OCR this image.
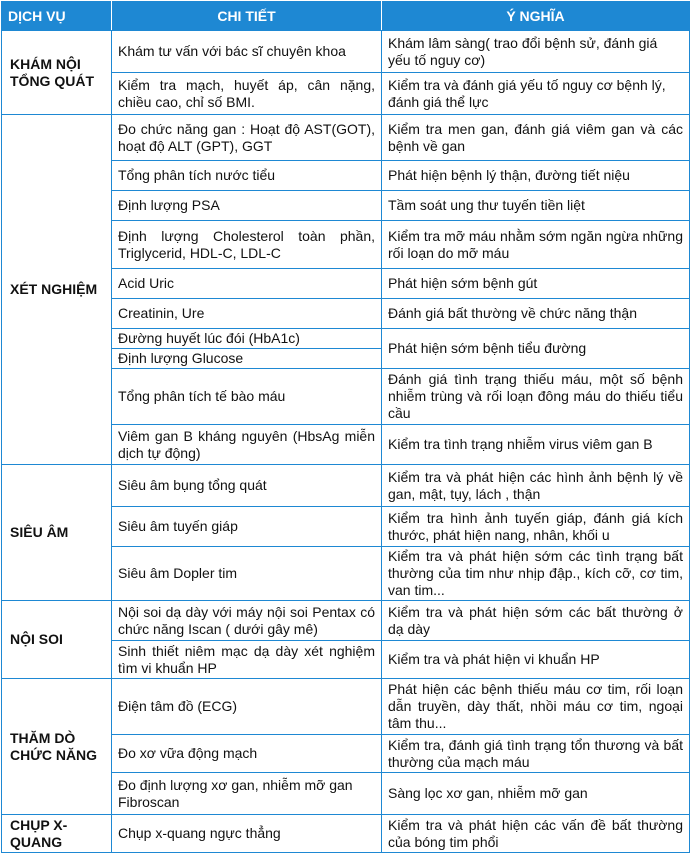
DỊCH VỤ	CHI TIẾT	Ý NGHĨA
KHÁM NỘI TỔNG QUÁT	Khám tư vấn với bác sĩ chuyên khoa	Khám lâm sàng( trao đổi bệnh sử, đánh giá yếu tố nguy cơ)
	Kiểm tra mạch, huyết áp, cân nặng, chiều cao, chỉ số BMI.	Kiểm tra và đánh giá yếu tố nguy cơ bệnh lý, đánh giá thể lực
XÉT NGHIỆM	Đo chức năng gan : Hoạt độ AST(GOT), hoạt độ ALT (GPT), GGT	Kiểm tra men gan, đánh giá viêm gan và các bệnh về gan
	Tổng phân tích nước tiểu	Phát hiện bệnh lý thận, đường tiết niệu
	Định lượng PSA	Tầm soát ung thư tuyến tiền liệt
	Định lượng Cholesterol toàn phần, Triglycerid, HDL-C, LDL-C	Kiểm tra mỡ máu nhằm sớm ngăn ngừa những rối loạn do mỡ máu
	Acid Uric	Phát hiện sớm bệnh gút
	Creatinin, Ure	Đánh giá bất thường về chức năng thận
	Đường huyết lúc đói (HbA1c)	Phát hiện sớm bệnh tiểu đường
	Định lượng Glucose	
	Tổng phân tích tế bào máu	Đánh giá tình trạng thiếu máu, một số bệnh nhiễm trùng và rối loạn đông máu do thiếu tiểu cầu
	Viêm gan B kháng nguyên (HbsAg miễn dịch tự động)	Kiểm tra tình trạng nhiễm virus viêm gan B
SIÊU ÂM	Siêu âm bụng tổng quát	Kiểm tra và phát hiện các hình ảnh bệnh lý về gan, mật, tụy, lách , thận
	Siêu âm tuyến giáp	Kiểm tra hình ảnh tuyến giáp, đánh giá kích thước, phát hiện nang, nhân, khối u
	Siêu âm Dopler tim	Kiểm tra và phát hiện sớm các tình trạng bất thường của tim như nhịp đập., kích cỡ, cơ tim, van tim...
NỘI SOI	Nội soi dạ dày với máy nội soi Pentax có chức năng Iscan ( dưới gây mê)	Kiểm tra và phát hiện sớm các bất thường ở dạ dày
	Sinh thiết niêm mạc dạ dày xét nghiệm tìm vi khuẩn HP	Kiểm tra và phát hiện vi khuẩn HP
THĂM DÒ CHỨC NĂNG	Điện tâm đồ (ECG)	Phát hiện các bệnh thiếu máu cơ tim, rối loạn dẫn truyền, dày thất, nhồi máu cơ tim, ngoại tâm thu...
	Đo xơ vữa động mạch	Kiểm tra, đánh giá tình trạng tổn thương và bất thường của mạch máu
	Đo định lượng xơ gan, nhiễm mỡ gan Fibroscan	Sàng lọc xơ gan, nhiễm mỡ gan
CHỤP X-QUANG	Chụp x-quang ngực thẳng	Kiểm tra và phát hiện các vấn đề bất thường của bóng tim phổi
